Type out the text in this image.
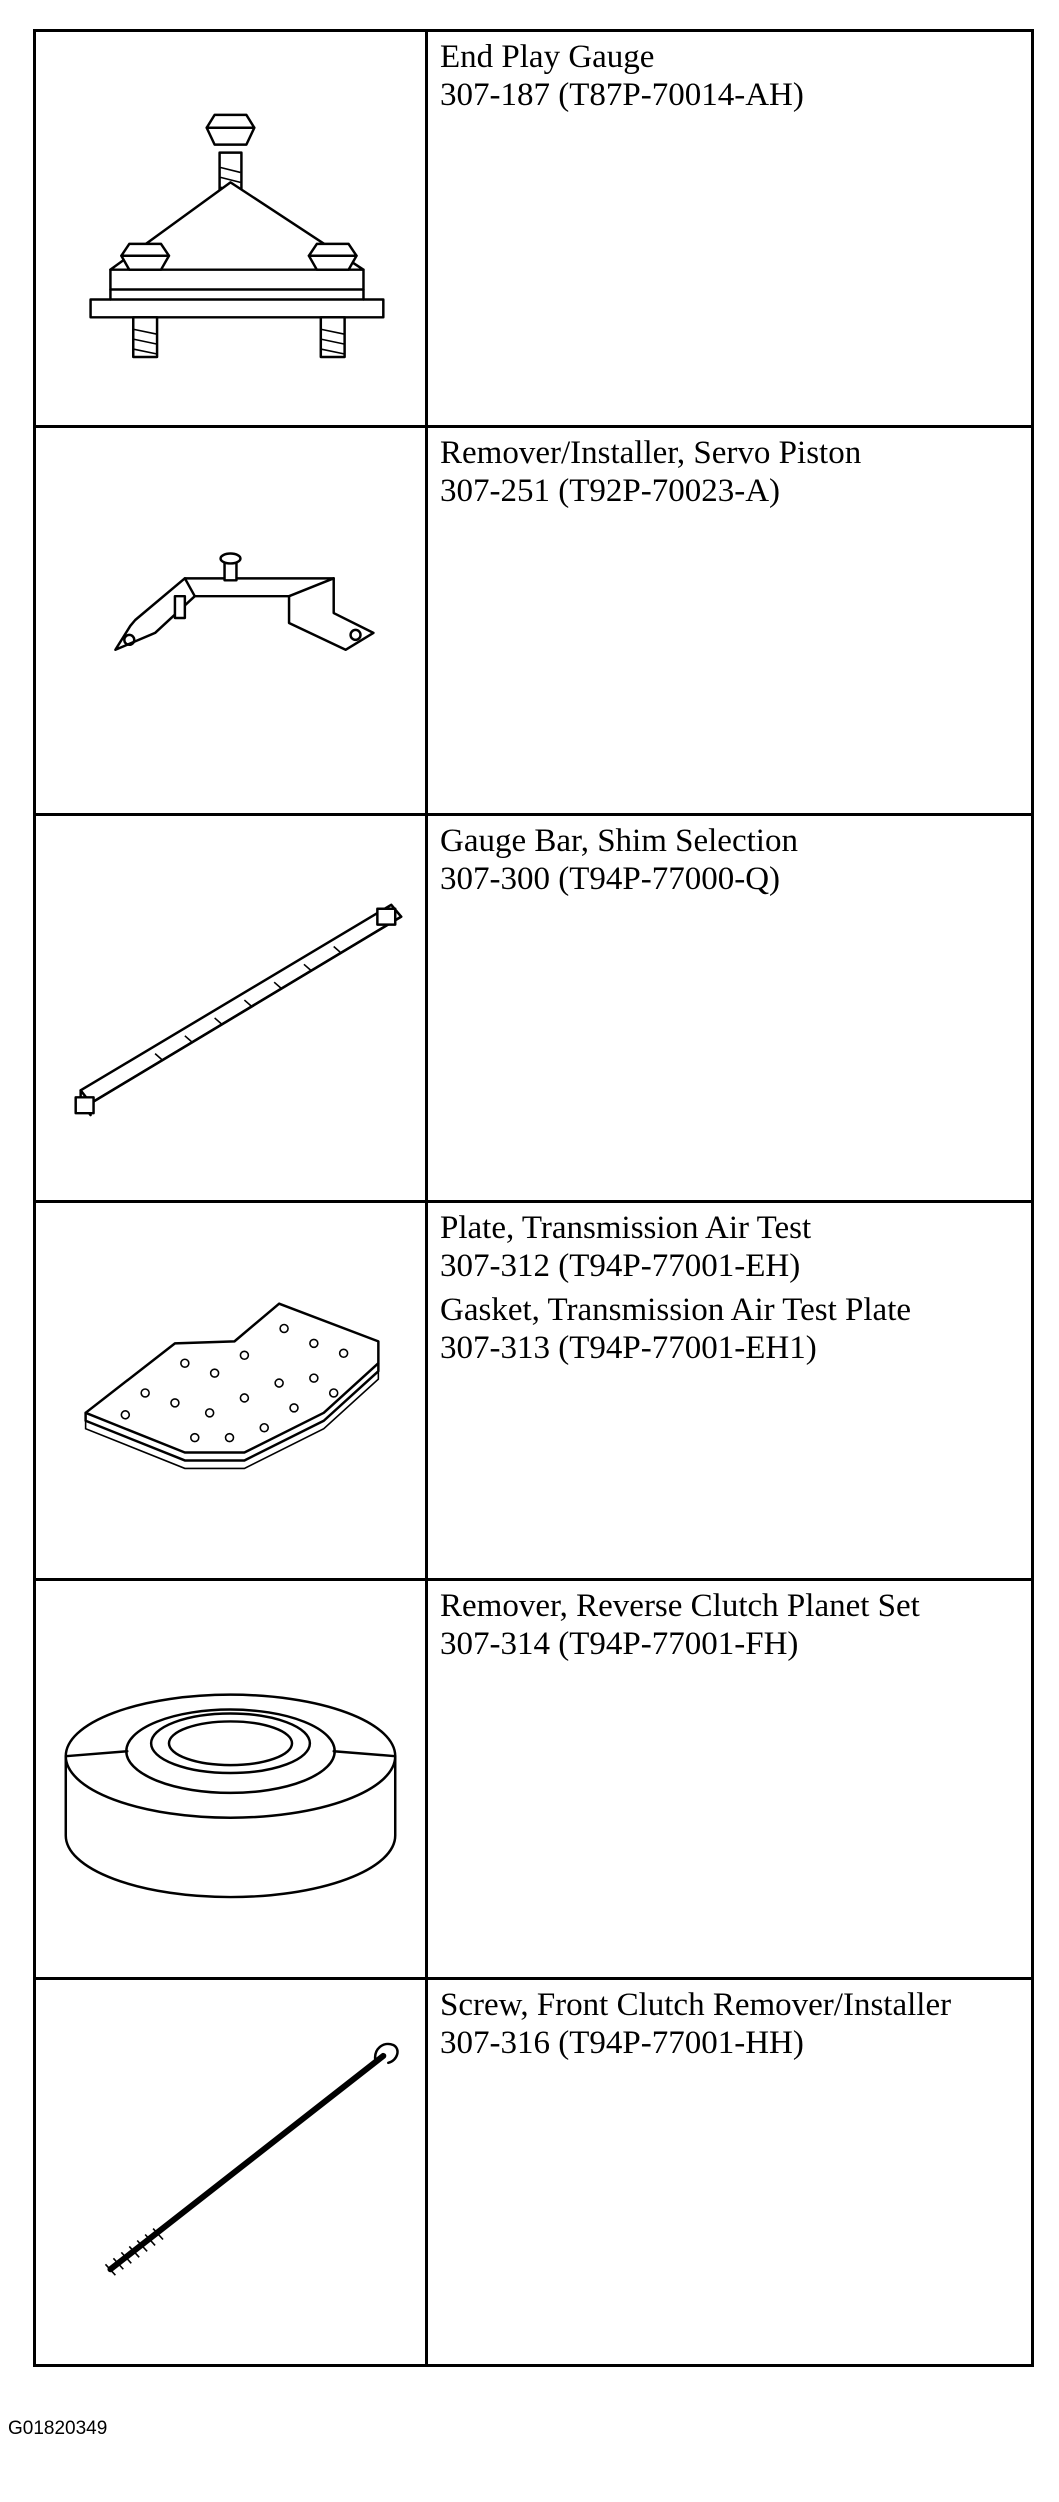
End Play Gauge
307-187 (T87P-70014-AH)
Remover/Installer, Servo Piston
307-251 (T92P-70023-A)
Gauge Bar, Shim Selection
307-300 (T94P-77000-Q)
Plate, Transmission Air Test
307-312 (T94P-77001-EH)
Gasket, Transmission Air Test Plate
307-313 (T94P-77001-EH1)
Remover, Reverse Clutch Planet Set
307-314 (T94P-77001-FH)
Screw, Front Clutch Remover/Installer
307-316 (T94P-77001-HH)
G01820349
